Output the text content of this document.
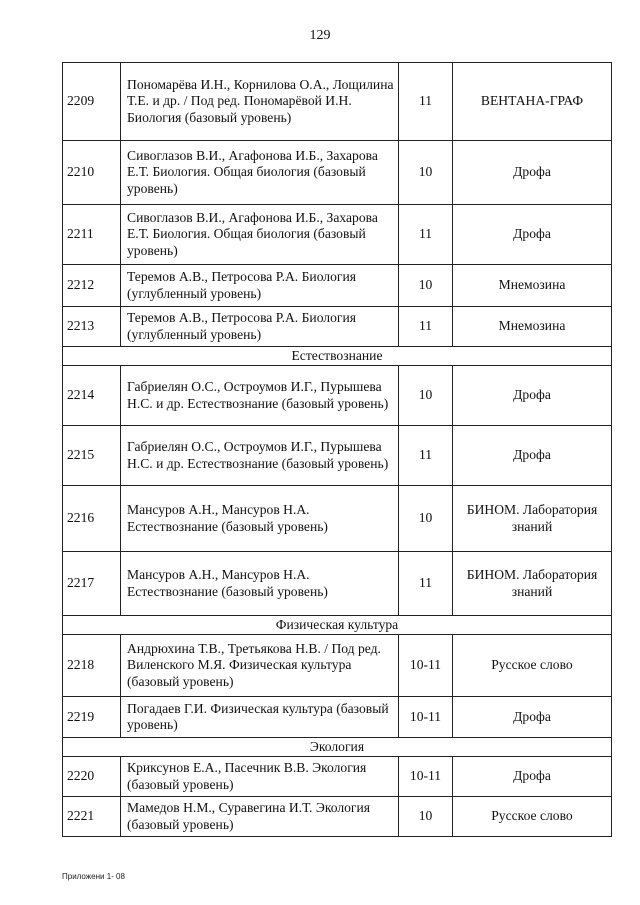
129
2209	Пономарёва И.Н., Корнилова О.А., Лощилина Т.Е. и др. / Под ред. Пономарёвой И.Н. Биология (базовый уровень)	11	ВЕНТАНА-ГРАФ
2210	Сивоглазов В.И., Агафонова И.Б., Захарова Е.Т. Биология. Общая биология (базовый уровень)	10	Дрофа
2211	Сивоглазов В.И., Агафонова И.Б., Захарова Е.Т. Биология. Общая биология (базовый уровень)	11	Дрофа
2212	Теремов А.В., Петросова Р.А. Биология (углубленный уровень)	10	Мнемозина
2213	Теремов А.В., Петросова Р.А. Биология (углубленный уровень)	11	Мнемозина
Естествознание			
2214	Габриелян О.С., Остроумов И.Г., Пурышева Н.С. и др. Естествознание (базовый уровень)	10	Дрофа
2215	Габриелян О.С., Остроумов И.Г., Пурышева Н.С. и др. Естествознание (базовый уровень)	11	Дрофа
2216	Мансуров А.Н., Мансуров Н.А. Естествознание (базовый уровень)	10	БИНОМ. Лаборатория знаний
2217	Мансуров А.Н., Мансуров Н.А. Естествознание (базовый уровень)	11	БИНОМ. Лаборатория знаний
Физическая культура			
2218	Андрюхина Т.В., Третьякова Н.В. / Под ред. Виленского М.Я. Физическая культура (базовый уровень)	10-11	Русское слово
2219	Погадаев Г.И. Физическая культура (базовый уровень)	10-11	Дрофа
Экология			
2220	Криксунов Е.А., Пасечник В.В. Экология (базовый уровень)	10-11	Дрофа
2221	Мамедов Н.М., Суравегина И.Т. Экология (базовый уровень)	10	Русское слово
Приложени 1- 08
